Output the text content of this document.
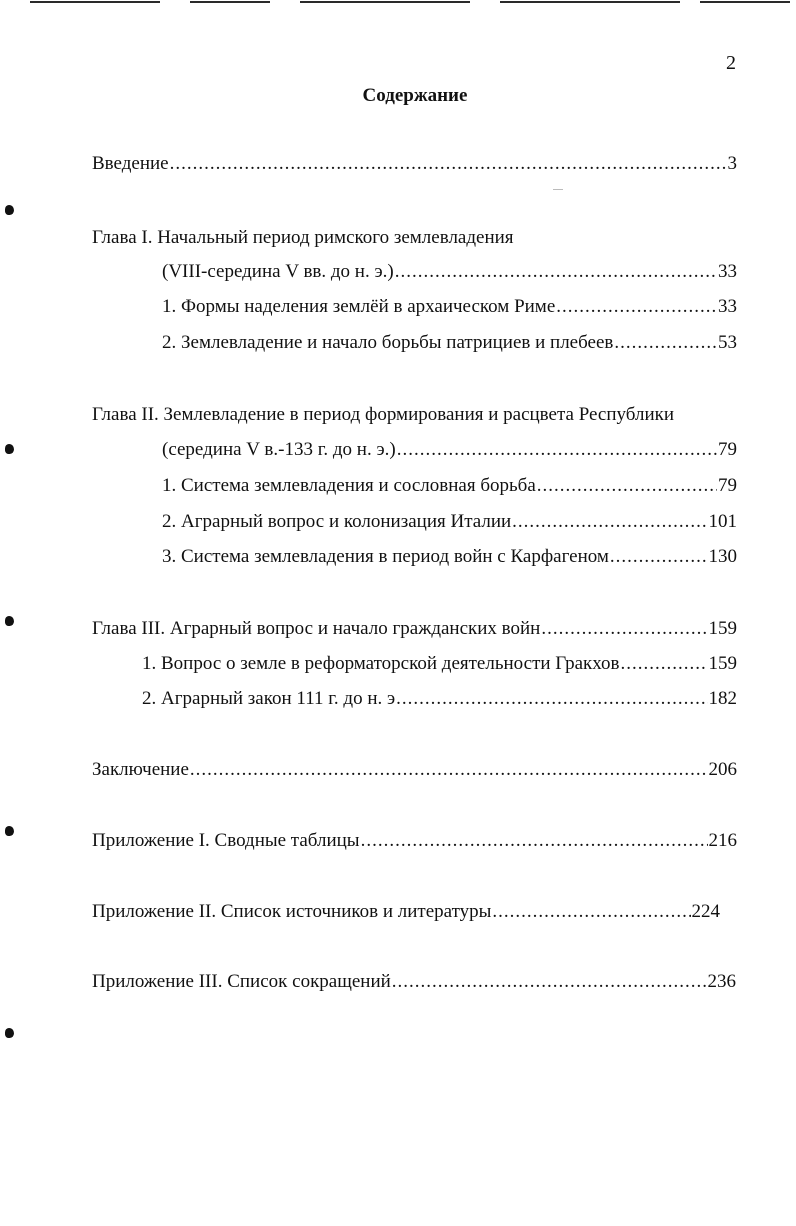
2
Содержание
Введение .....	3
Глава I. Начальный период римского землевладения
(VIII-середина V вв. до н. э.) .....	33
1. Формы наделения землёй в архаическом Риме .....	33
2. Землевладение и начало борьбы патрициев и плебеев .....	53
Глава II. Землевладение в период формирования и расцвета Республики
(середина V в.-133 г. до н. э.) .....	79
1. Система землевладения и сословная борьба .....	79
2. Аграрный вопрос и колонизация Италии .....	101
3. Система землевладения в период войн с Карфагеном .....	130
Глава III. Аграрный вопрос и начало гражданских войн .....	159
1. Вопрос о земле в реформаторской деятельности Гракхов .....	159
2. Аграрный закон 111 г. до н. э .....	182
Заключение .....	206
Приложение I. Сводные таблицы .....	216
Приложение II. Список источников и литературы .....	224
Приложение III. Список сокращений .....	236
